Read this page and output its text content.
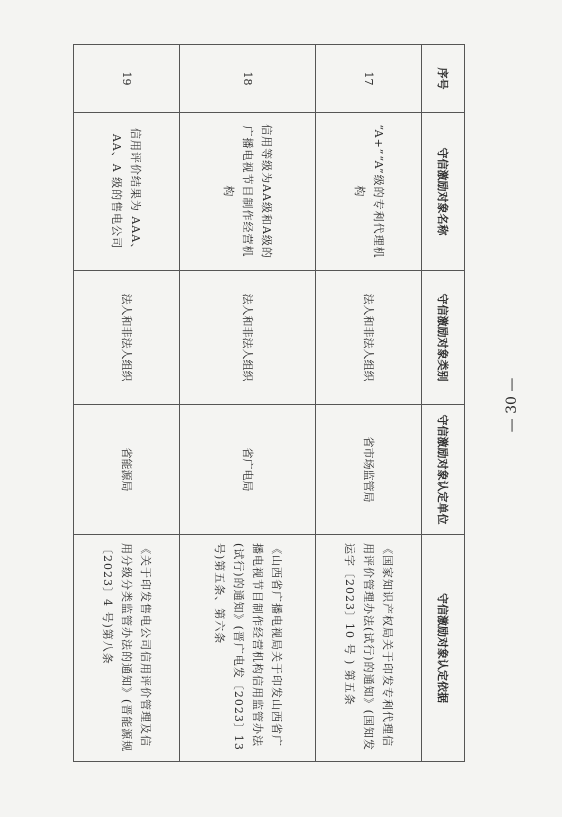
— 30 —
序号	守信激励对象名称	守信激励对象类别	守信激励对象认定单位	守信激励对象认定依据
17	“A+”“A”级的专利代理机构	法人和非法人组织	省市场监管局	《国家知识产权局关于印发专利代理信用评价管理办法(试行)的通知》(国知发运字〔2023〕10 号 ) 第五条
18	信用等级为AA级和A级的广播电视节目制作经营机构	法人和非法人组织	省广电局	《山西省广播电视局关于印发山西省广播电视节目制作经营机构信用监管办法(试行)的通知》(晋广电发〔2023〕13 号)第五条、第六条
19	信用评价结果为 AAA、AA、A 级的售电公司	法人和非法人组织	省能源局	《关于印发售电公司信用评价管理及信用分级分类监管办法的通知》(晋能源规〔2023〕4 号)第八条
